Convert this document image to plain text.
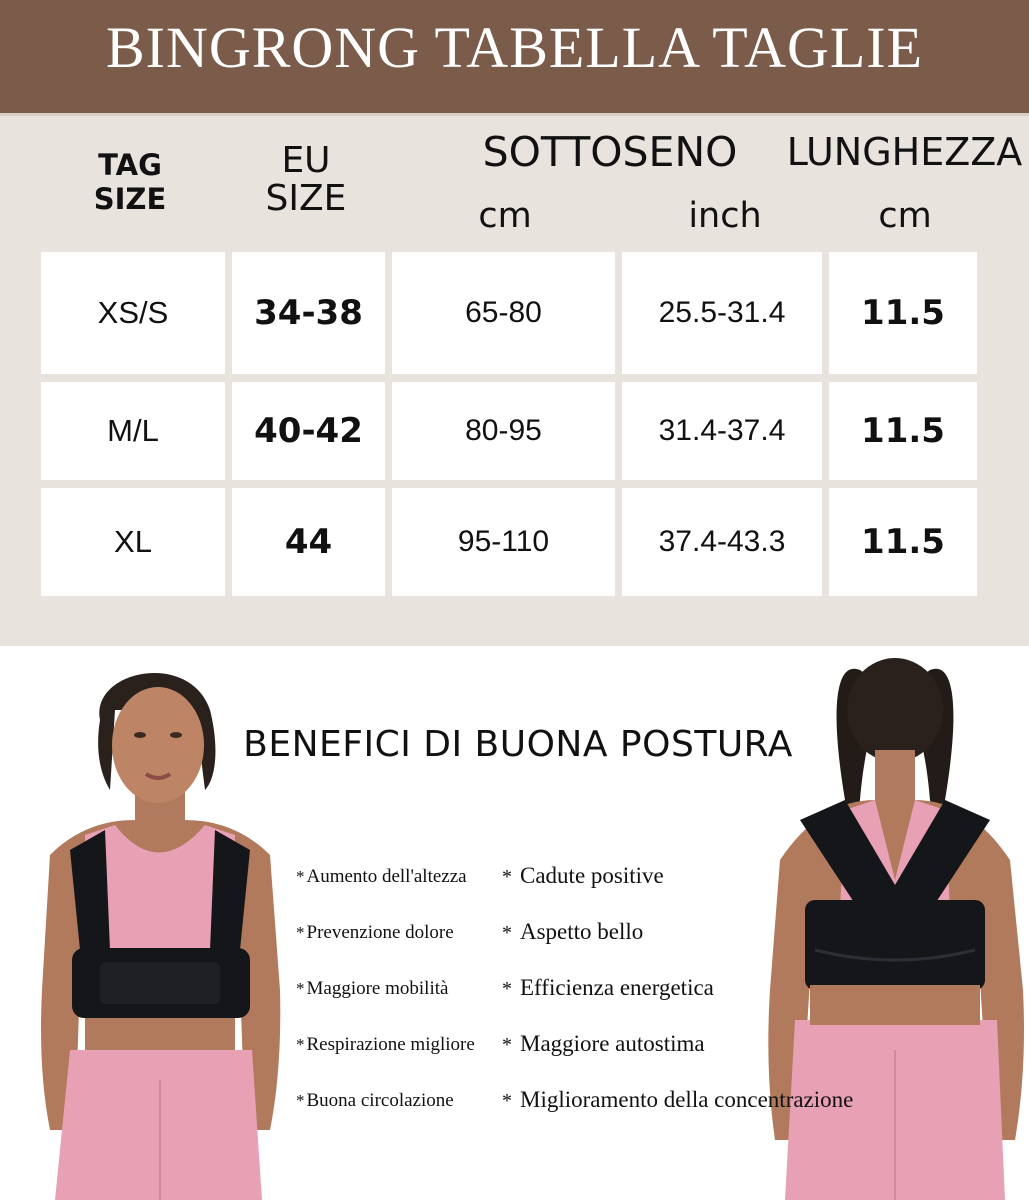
BINGRONG TABELLA TAGLIE
TAG
SIZE
EU
SIZE
SOTTOSENO	LUNGHEZZA
cm	inch	cm
XS/S	34-38	65-80	25.5-31.4	11.5
M/L	40-42	80-95	31.4-37.4	11.5
XL	44	95-110	37.4-43.3	11.5
BENEFICI DI BUONA POSTURA
* Aumento dell'altezza
* Prevenzione dolore
* Maggiore mobilità
* Respirazione migliore
* Buona circolazione
* Cadute positive
* Aspetto bello
* Efficienza energetica
* Maggiore autostima
* Miglioramento della concentrazione
